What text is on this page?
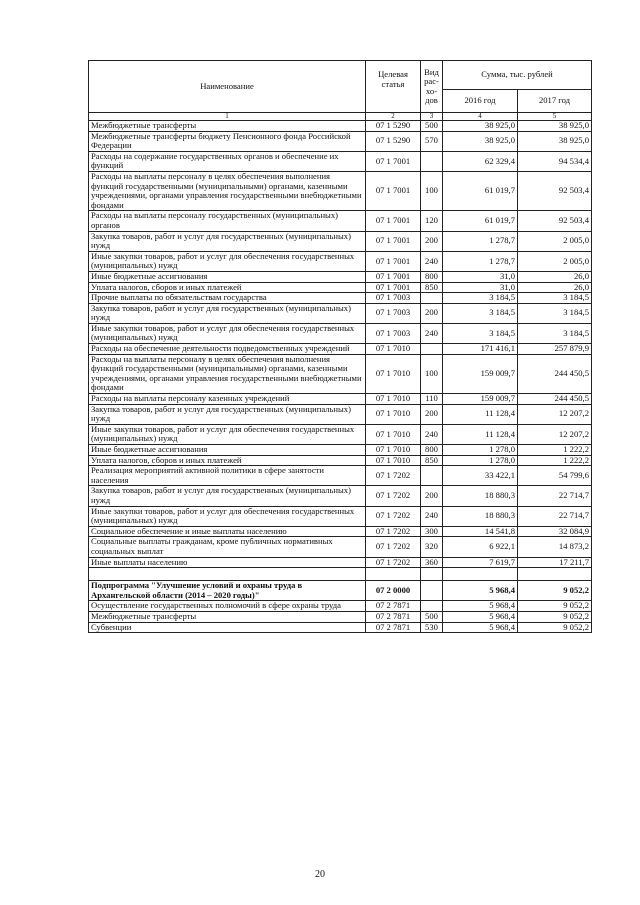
Наименование	Целевая статья	Вид рас-хо-дов	Сумма, тыс. рублей	
			2016 год	2017 год
1	2	3	4	5
Межбюджетные трансферты	07 1 5290	500	38 925,0	38 925,0
Межбюджетные трансферты бюджету Пенсионного фонда Российской Федерации	07 1 5290	570	38 925,0	38 925,0
Расходы на содержание государственных органов и обеспечение их функций	07 1 7001		62 329,4	94 534,4
Расходы на выплаты персоналу в целях обеспечения выполнения функций государственными (муниципальными) органами, казенными учреждениями, органами управления государственными внебюджетными фондами	07 1 7001	100	61 019,7	92 503,4
Расходы на выплаты персоналу государственных (муниципальных) органов	07 1 7001	120	61 019,7	92 503,4
Закупка товаров, работ и услуг для государственных (муниципальных) нужд	07 1 7001	200	1 278,7	2 005,0
Иные закупки товаров, работ и услуг для обеспечения государственных (муниципальных) нужд	07 1 7001	240	1 278,7	2 005,0
Иные бюджетные ассигнования	07 1 7001	800	31,0	26,0
Уплата налогов, сборов и иных платежей	07 1 7001	850	31,0	26,0
Прочие выплаты по обязательствам государства	07 1 7003		3 184,5	3 184,5
Закупка товаров, работ и услуг для государственных (муниципальных) нужд	07 1 7003	200	3 184,5	3 184,5
Иные закупки товаров, работ и услуг для обеспечения государственных (муниципальных) нужд	07 1 7003	240	3 184,5	3 184,5
Расходы на обеспечение деятельности подведомственных учреждений	07 1 7010		171 416,1	257 879,9
Расходы на выплаты персоналу в целях обеспечения выполнения функций государственными (муниципальными) органами, казенными учреждениями, органами управления государственными внебюджетными фондами	07 1 7010	100	159 009,7	244 450,5
Расходы на выплаты персоналу казенных учреждений	07 1 7010	110	159 009,7	244 450,5
Закупка товаров, работ и услуг для государственных (муниципальных) нужд	07 1 7010	200	11 128,4	12 207,2
Иные закупки товаров, работ и услуг для обеспечения государственных (муниципальных) нужд	07 1 7010	240	11 128,4	12 207,2
Иные бюджетные ассигнования	07 1 7010	800	1 278,0	1 222,2
Уплата налогов, сборов и иных платежей	07 1 7010	850	1 278,0	1 222,2
Реализация мероприятий активной политики в сфере занятости населения	07 1 7202		33 422,1	54 799,6
Закупка товаров, работ и услуг для государственных (муниципальных) нужд	07 1 7202	200	18 880,3	22 714,7
Иные закупки товаров, работ и услуг для обеспечения государственных (муниципальных) нужд	07 1 7202	240	18 880,3	22 714,7
Социальное обеспечение и иные выплаты населению	07 1 7202	300	14 541,8	32 084,9
Социальные выплаты гражданам, кроме публичных нормативных социальных выплат	07 1 7202	320	6 922,1	14 873,2
Иные выплаты населению	07 1 7202	360	7 619,7	17 211,7

Подпрограмма "Улучшение условий и охраны труда в Архангельской области (2014 – 2020 годы)"	07 2 0000		5 968,4	9 052,2
Осуществление государственных полномочий в сфере охраны труда	07 2 7871		5 968,4	9 052,2
Межбюджетные трансферты	07 2 7871	500	5 968,4	9 052,2
Субвенции	07 2 7871	530	5 968,4	9 052,2
20
